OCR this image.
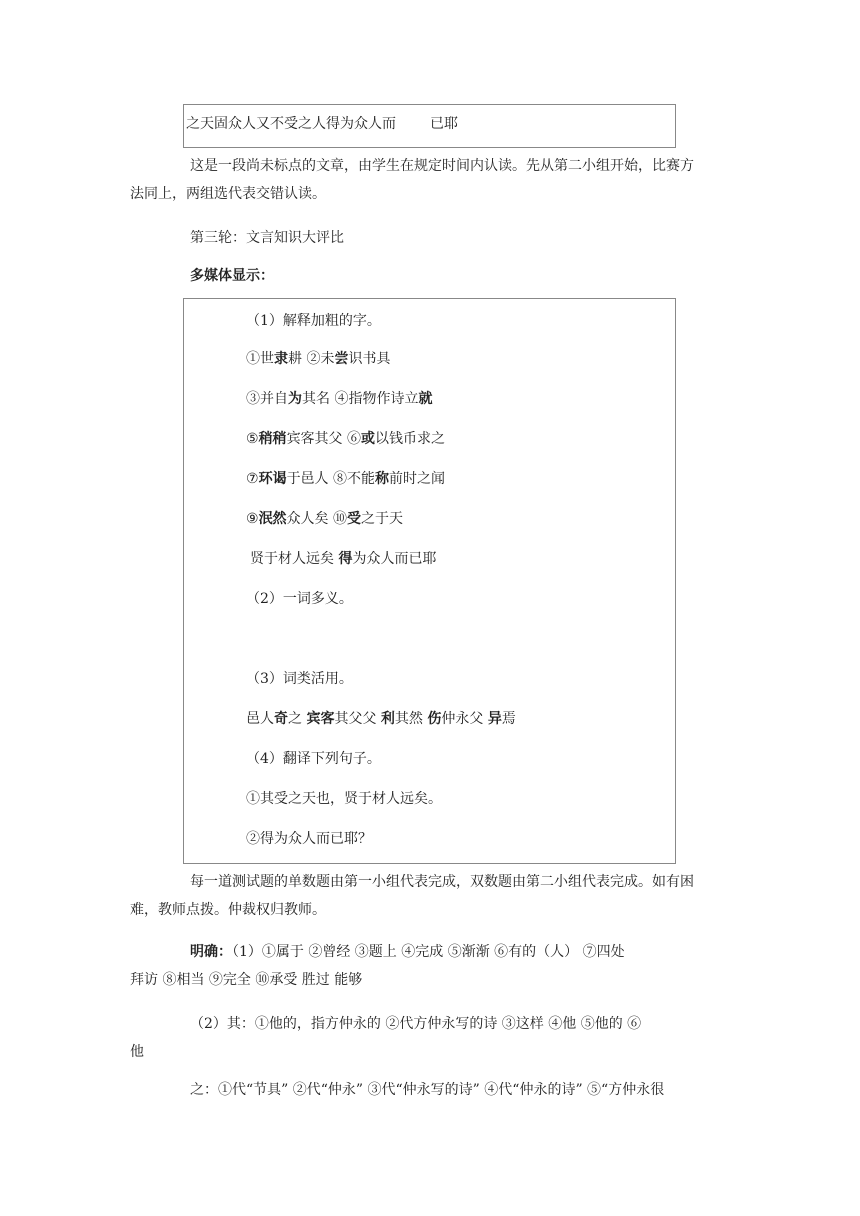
之天固众人又不受之人得为众人而 已耶
这是一段尚未标点的文章，由学生在规定时间内认读。先从第二小组开始，比赛方
法同上，两组选代表交错认读。
第三轮：文言知识大评比
多媒体显示：
（1）解释加粗的字。
①世隶耕 ②未尝识书具
③并自为其名 ④指物作诗立就
⑤稍稍宾客其父 ⑥或以钱币求之
⑦环谒于邑人 ⑧不能称前时之闻
⑨泯然众人矣 ⑩受之于天
贤于材人远矣 得为众人而已耶
（2）一词多义。
（3）词类活用。
邑人奇之 宾客其父父 利其然 伤仲永父 异焉
（4）翻译下列句子。
①其受之天也，贤于材人远矣。
②得为众人而已耶？
每一道测试题的单数题由第一小组代表完成，双数题由第二小组代表完成。如有困
难，教师点拨。仲裁权归教师。
明确：（1）①属于 ②曾经 ③题上 ④完成 ⑤渐渐 ⑥有的（人） ⑦四处
拜访 ⑧相当 ⑨完全 ⑩承受 胜过 能够
（2）其：①他的，指方仲永的 ②代方仲永写的诗 ③这样 ④他 ⑤他的 ⑥
他
之：①代“节具” ②代“仲永” ③代“仲永写的诗” ④代“仲永的诗” ⑤“方仲永很
